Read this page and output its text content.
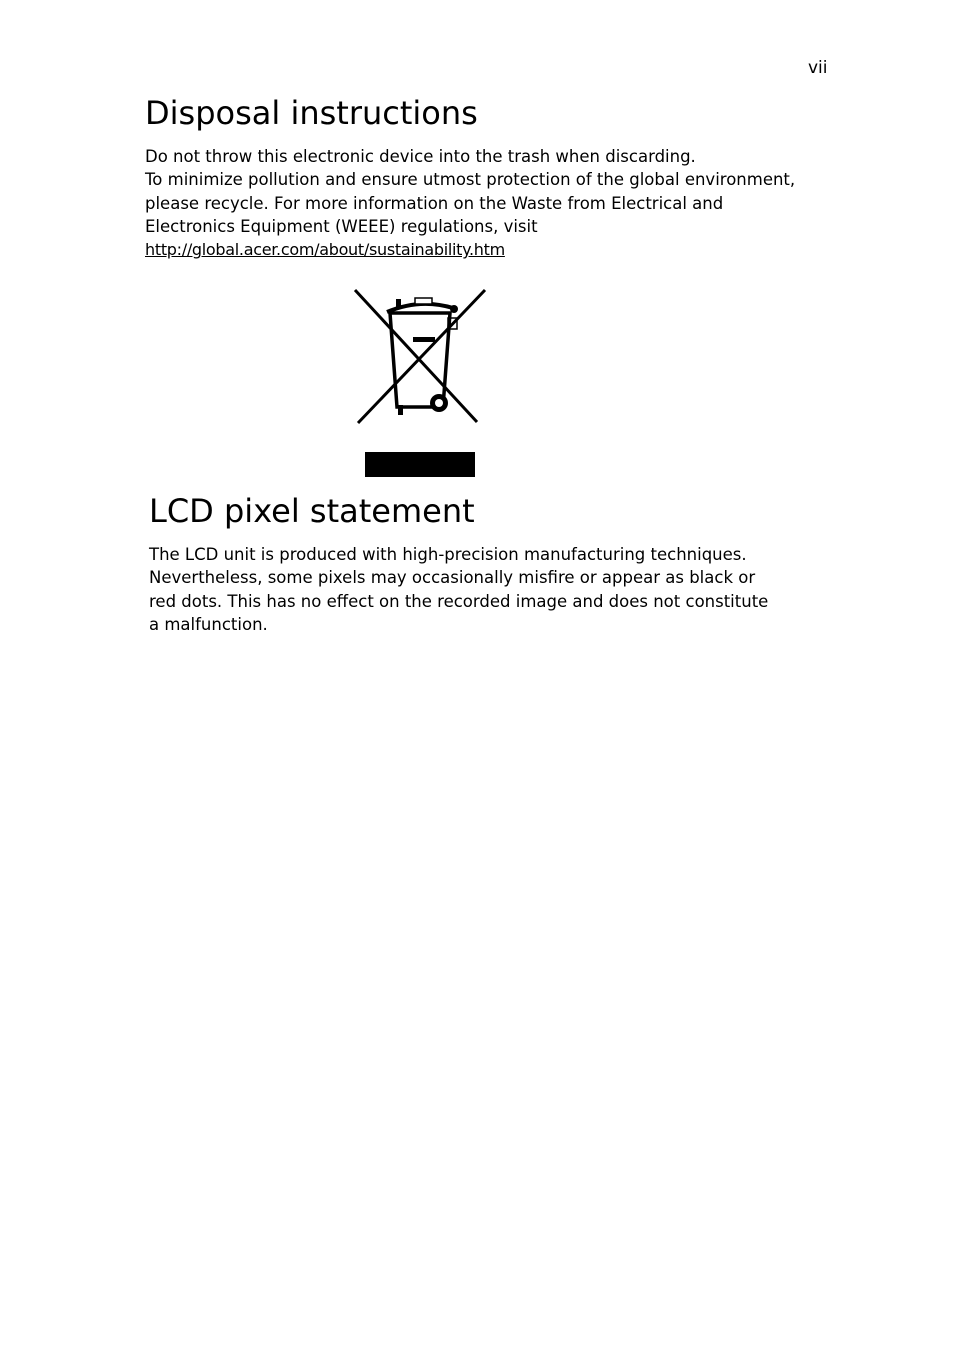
vii
Disposal instructions
Do not throw this electronic device into the trash when discarding.
To minimize pollution and ensure utmost protection of the global environment,
please recycle. For more information on the Waste from Electrical and
Electronics Equipment (WEEE) regulations, visit
http://global.acer.com/about/sustainability.htm
LCD pixel statement
The LCD unit is produced with high-precision manufacturing techniques.
Nevertheless, some pixels may occasionally misfire or appear as black or
red dots. This has no effect on the recorded image and does not constitute
a malfunction.
